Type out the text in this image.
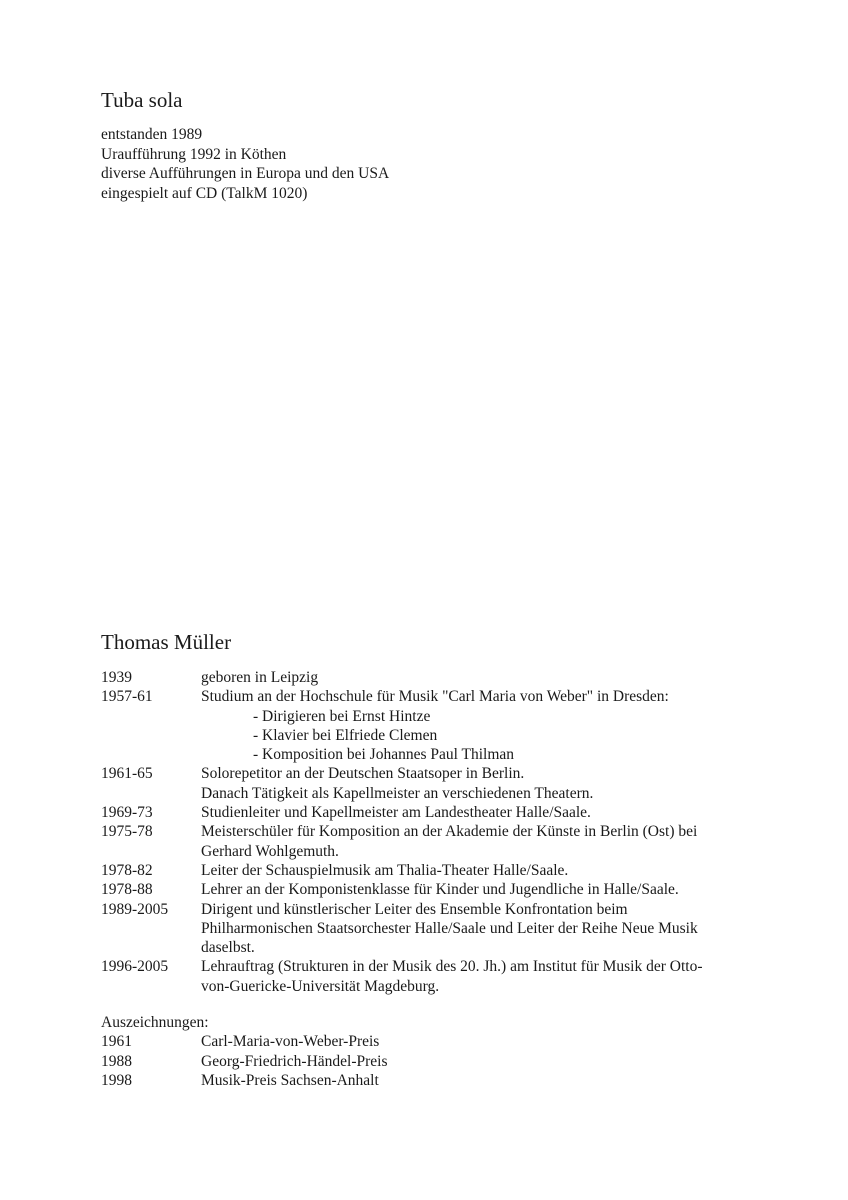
Tuba sola
entstanden 1989
Uraufführung 1992 in Köthen
diverse Aufführungen in Europa und den USA
eingespielt auf CD (TalkM 1020)
Thomas Müller
1939	geboren in Leipzig
1957-61	Studium an der Hochschule für Musik "Carl Maria von Weber" in Dresden:
- Dirigieren bei Ernst Hintze
- Klavier bei Elfriede Clemen
- Komposition bei Johannes Paul Thilman
1961-65	Solorepetitor an der Deutschen Staatsoper in Berlin.
Danach Tätigkeit als Kapellmeister an verschiedenen Theatern.
1969-73	Studienleiter und Kapellmeister am Landestheater Halle/Saale.
1975-78	Meisterschüler für Komposition an der Akademie der Künste in Berlin (Ost) bei
Gerhard Wohlgemuth.
1978-82	Leiter der Schauspielmusik am Thalia-Theater Halle/Saale.
1978-88	Lehrer an der Komponistenklasse für Kinder und Jugendliche in Halle/Saale.
1989-2005	Dirigent und künstlerischer Leiter des Ensemble Konfrontation beim
Philharmonischen Staatsorchester Halle/Saale und Leiter der Reihe Neue Musik
daselbst.
1996-2005	Lehrauftrag (Strukturen in der Musik des 20. Jh.) am Institut für Musik der Otto-
von-Guericke-Universität Magdeburg.
Auszeichnungen:
1961	Carl-Maria-von-Weber-Preis
1988	Georg-Friedrich-Händel-Preis
1998	Musik-Preis Sachsen-Anhalt
